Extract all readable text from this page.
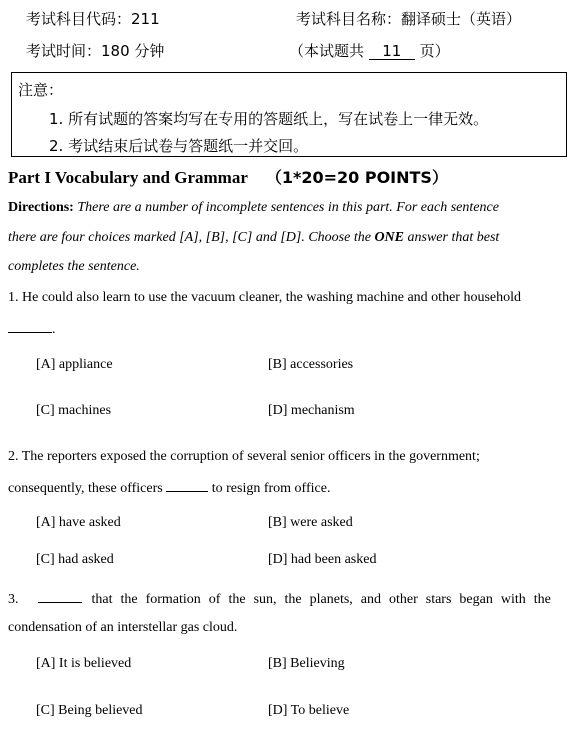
考试科目代码：211	考试科目名称：翻译硕士（英语）
考试时间：180 分钟	（本试题共 11 页）
注意：
1. 所有试题的答案均写在专用的答题纸上，写在试卷上一律无效。
2. 考试结束后试卷与答题纸一并交回。
Part I Vocabulary and Grammar （1*20=20 POINTS）
Directions: There are a number of incomplete sentences in this part. For each sentence
there are four choices marked [A], [B], [C] and [D]. Choose the ONE answer that best
completes the sentence.
1. He could also learn to use the vacuum cleaner, the washing machine and other household
.
[A] appliance	[B] accessories
[C] machines	[D] mechanism
2. The reporters exposed the corruption of several senior officers in the government;
consequently, these officers	to resign from office.
[A] have asked	[B] were asked
[C] had asked	[D] had been asked
3.	that the formation of the sun, the planets, and other stars began with the
condensation of an interstellar gas cloud.
[A] It is believed	[B] Believing
[C] Being believed	[D] To believe
